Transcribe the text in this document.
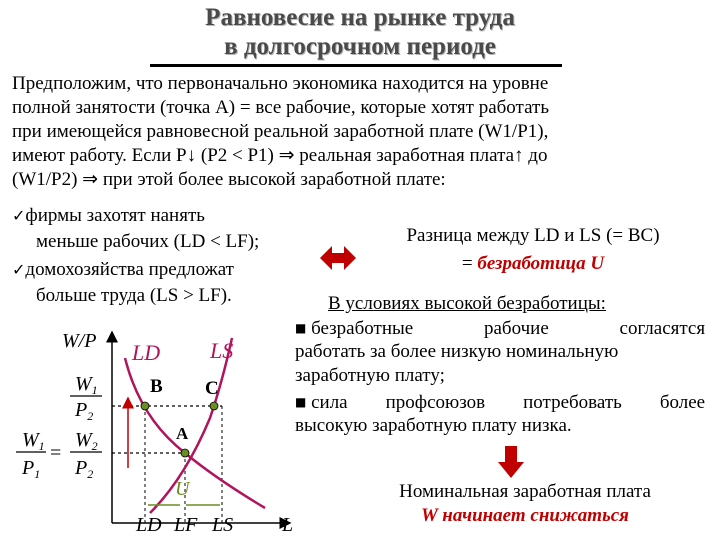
Равновесие на рынке труда
в долгосрочном периоде
Предположим, что первоначально экономика находится на уровне
полной занятости (точка А) = все рабочие, которые хотят работать
при имеющейся равновесной реальной заработной плате (W1/P1),
имеют работу. Если P↓ (P2 < P1) ⇒ реальная заработная плата↑ до
(W1/P2) ⇒ при этой более высокой заработной плате:
✓фирмы захотят нанять
меньше рабочих (LD < LF);
✓домохозяйства предложат
больше труда (LS > LF).
Разница между LD и LS (= BC)
= безработица U
В условиях высокой безработицы:
■ безработные рабочие согласятся
работать за более низкую номинальную
заработную плату;
■ сила профсоюзов потребовать более
высокую заработную плату низка.
Номинальная заработная плата
W начинает снижаться
$W_1$
$P_2$
$W_1$
$P_1$
=
$W_2$
$P_2$
W/P
L
LD LS
B C
A
U
LD LF LS
